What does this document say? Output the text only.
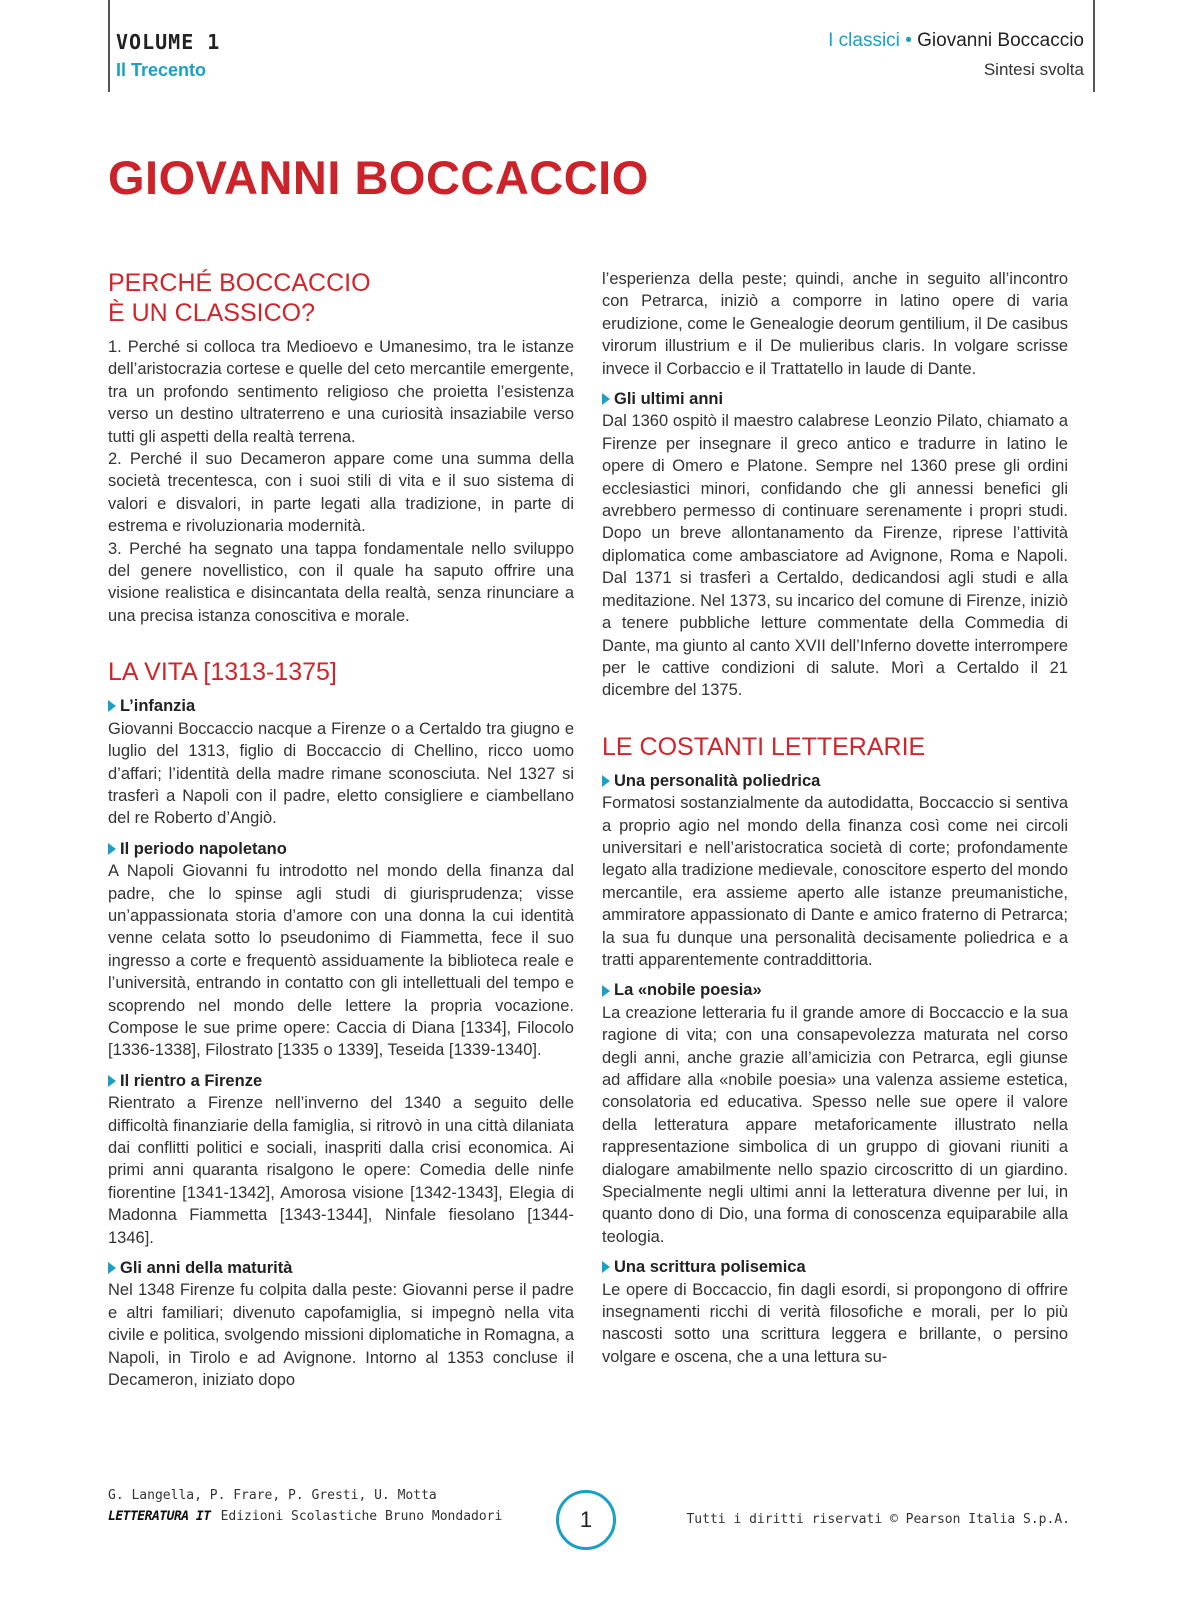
VOLUME 1
Il Trecento
I classici • Giovanni Boccaccio
Sintesi svolta
GIOVANNI BOCCACCIO
PERCHÉ BOCCACCIO
È UN CLASSICO?
1. Perché si colloca tra Medioevo e Umanesimo, tra le istanze dell’aristocrazia cortese e quelle del ceto mercantile emergente, tra un profondo sentimento religioso che proietta l’esistenza verso un destino ultraterreno e una curiosità insaziabile verso tutti gli aspetti della realtà terrena.
2. Perché il suo Decameron appare come una summa della società trecentesca, con i suoi stili di vita e il suo sistema di valori e disvalori, in parte legati alla tradizione, in parte di estrema e rivoluzionaria modernità.
3. Perché ha segnato una tappa fondamentale nello sviluppo del genere novellistico, con il quale ha saputo offrire una visione realistica e disincantata della realtà, senza rinunciare a una precisa istanza conoscitiva e morale.
LA VITA [1313-1375]
L’infanzia
Giovanni Boccaccio nacque a Firenze o a Certaldo tra giugno e luglio del 1313, figlio di Boccaccio di Chellino, ricco uomo d’affari; l’identità della madre rimane sconosciuta. Nel 1327 si trasferì a Napoli con il padre, eletto consigliere e ciambellano del re Roberto d’Angiò.
Il periodo napoletano
A Napoli Giovanni fu introdotto nel mondo della finanza dal padre, che lo spinse agli studi di giurisprudenza; visse un’appassionata storia d’amore con una donna la cui identità venne celata sotto lo pseudonimo di Fiammetta, fece il suo ingresso a corte e frequentò assiduamente la biblioteca reale e l’università, entrando in contatto con gli intellettuali del tempo e scoprendo nel mondo delle lettere la propria vocazione. Compose le sue prime opere: Caccia di Diana [1334], Filocolo [1336-1338], Filostrato [1335 o 1339], Teseida [1339-1340].
Il rientro a Firenze
Rientrato a Firenze nell’inverno del 1340 a seguito delle difficoltà finanziarie della famiglia, si ritrovò in una città dilaniata dai conflitti politici e sociali, inaspriti dalla crisi economica. Ai primi anni quaranta risalgono le opere: Comedia delle ninfe fiorentine [1341-1342], Amorosa visione [1342-1343], Elegia di Madonna Fiammetta [1343-1344], Ninfale fiesolano [1344-1346].
Gli anni della maturità
Nel 1348 Firenze fu colpita dalla peste: Giovanni perse il padre e altri familiari; divenuto capofamiglia, si impegnò nella vita civile e politica, svolgendo missioni diplomatiche in Romagna, a Napoli, in Tirolo e ad Avignone. Intorno al 1353 concluse il Decameron, iniziato dopo
l’esperienza della peste; quindi, anche in seguito all’incontro con Petrarca, iniziò a comporre in latino opere di varia erudizione, come le Genealogie deorum gentilium, il De casibus virorum illustrium e il De mulieribus claris. In volgare scrisse invece il Corbaccio e il Trattatello in laude di Dante.
Gli ultimi anni
Dal 1360 ospitò il maestro calabrese Leonzio Pilato, chiamato a Firenze per insegnare il greco antico e tradurre in latino le opere di Omero e Platone. Sempre nel 1360 prese gli ordini ecclesiastici minori, confidando che gli annessi benefici gli avrebbero permesso di continuare serenamente i propri studi. Dopo un breve allontanamento da Firenze, riprese l’attività diplomatica come ambasciatore ad Avignone, Roma e Napoli. Dal 1371 si trasferì a Certaldo, dedicandosi agli studi e alla meditazione. Nel 1373, su incarico del comune di Firenze, iniziò a tenere pubbliche letture commentate della Commedia di Dante, ma giunto al canto XVII dell’Inferno dovette interrompere per le cattive condizioni di salute. Morì a Certaldo il 21 dicembre del 1375.
LE COSTANTI LETTERARIE
Una personalità poliedrica
Formatosi sostanzialmente da autodidatta, Boccaccio si sentiva a proprio agio nel mondo della finanza così come nei circoli universitari e nell’aristocratica società di corte; profondamente legato alla tradizione medievale, conoscitore esperto del mondo mercantile, era assieme aperto alle istanze preumanistiche, ammiratore appassionato di Dante e amico fraterno di Petrarca; la sua fu dunque una personalità decisamente poliedrica e a tratti apparentemente contraddittoria.
La «nobile poesia»
La creazione letteraria fu il grande amore di Boccaccio e la sua ragione di vita; con una consapevolezza maturata nel corso degli anni, anche grazie all’amicizia con Petrarca, egli giunse ad affidare alla «nobile poesia» una valenza assieme estetica, consolatoria ed educativa. Spesso nelle sue opere il valore della letteratura appare metaforicamente illustrato nella rappresentazione simbolica di un gruppo di giovani riuniti a dialogare amabilmente nello spazio circoscritto di un giardino. Specialmente negli ultimi anni la letteratura divenne per lui, in quanto dono di Dio, una forma di conoscenza equiparabile alla teologia.
Una scrittura polisemica
Le opere di Boccaccio, fin dagli esordi, si propongono di offrire insegnamenti ricchi di verità filosofiche e morali, per lo più nascosti sotto una scrittura leggera e brillante, o persino volgare e oscena, che a una lettura su-
G. Langella, P. Frare, P. Gresti, U. Motta
LETTERATURA IT Edizioni Scolastiche Bruno Mondadori	1	Tutti i diritti riservati © Pearson Italia S.p.A.
